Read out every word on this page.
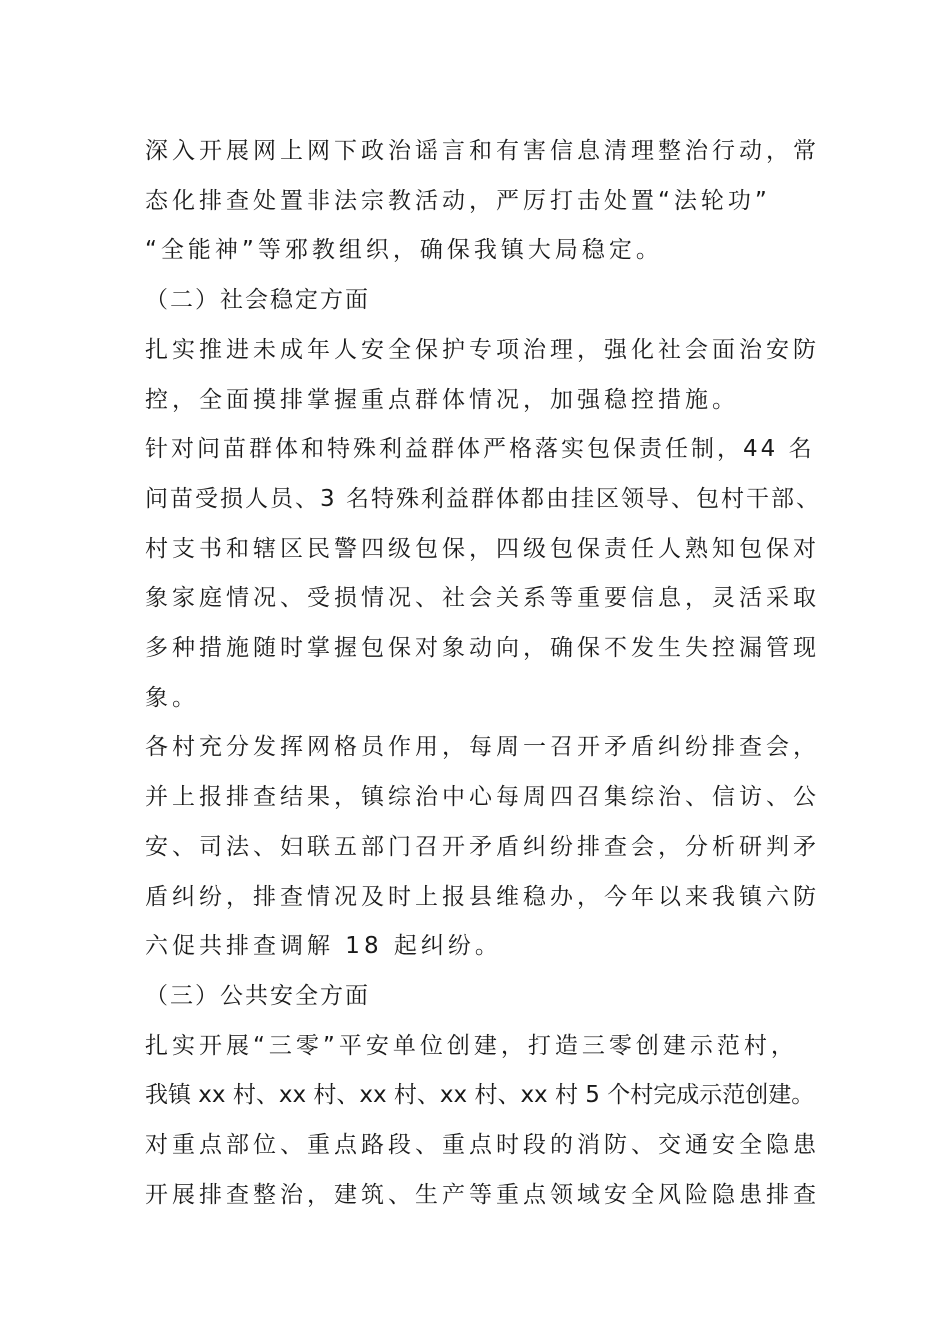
深入开展网上网下政治谣言和有害信息清理整治行动，常
态化排查处置非法宗教活动，严厉打击处置“法轮功”
“全能神”等邪教组织，确保我镇大局稳定。
（二）社会稳定方面
扎实推进未成年人安全保护专项治理，强化社会面治安防
控，全面摸排掌握重点群体情况，加强稳控措施。
针对问苗群体和特殊利益群体严格落实包保责任制，44 名
问苗受损人员、3 名特殊利益群体都由挂区领导、包村干部、
村支书和辖区民警四级包保，四级包保责任人熟知包保对
象家庭情况、受损情况、社会关系等重要信息，灵活采取
多种措施随时掌握包保对象动向，确保不发生失控漏管现
象。
各村充分发挥网格员作用，每周一召开矛盾纠纷排查会，
并上报排查结果，镇综治中心每周四召集综治、信访、公
安、司法、妇联五部门召开矛盾纠纷排查会，分析研判矛
盾纠纷，排查情况及时上报县维稳办，今年以来我镇六防
六促共排查调解 18 起纠纷。
（三）公共安全方面
扎实开展“三零”平安单位创建，打造三零创建示范村，
我镇 xx 村、xx 村、xx 村、xx 村、xx 村 5 个村完成示范创建。
对重点部位、重点路段、重点时段的消防、交通安全隐患
开展排查整治，建筑、生产等重点领域安全风险隐患排查
